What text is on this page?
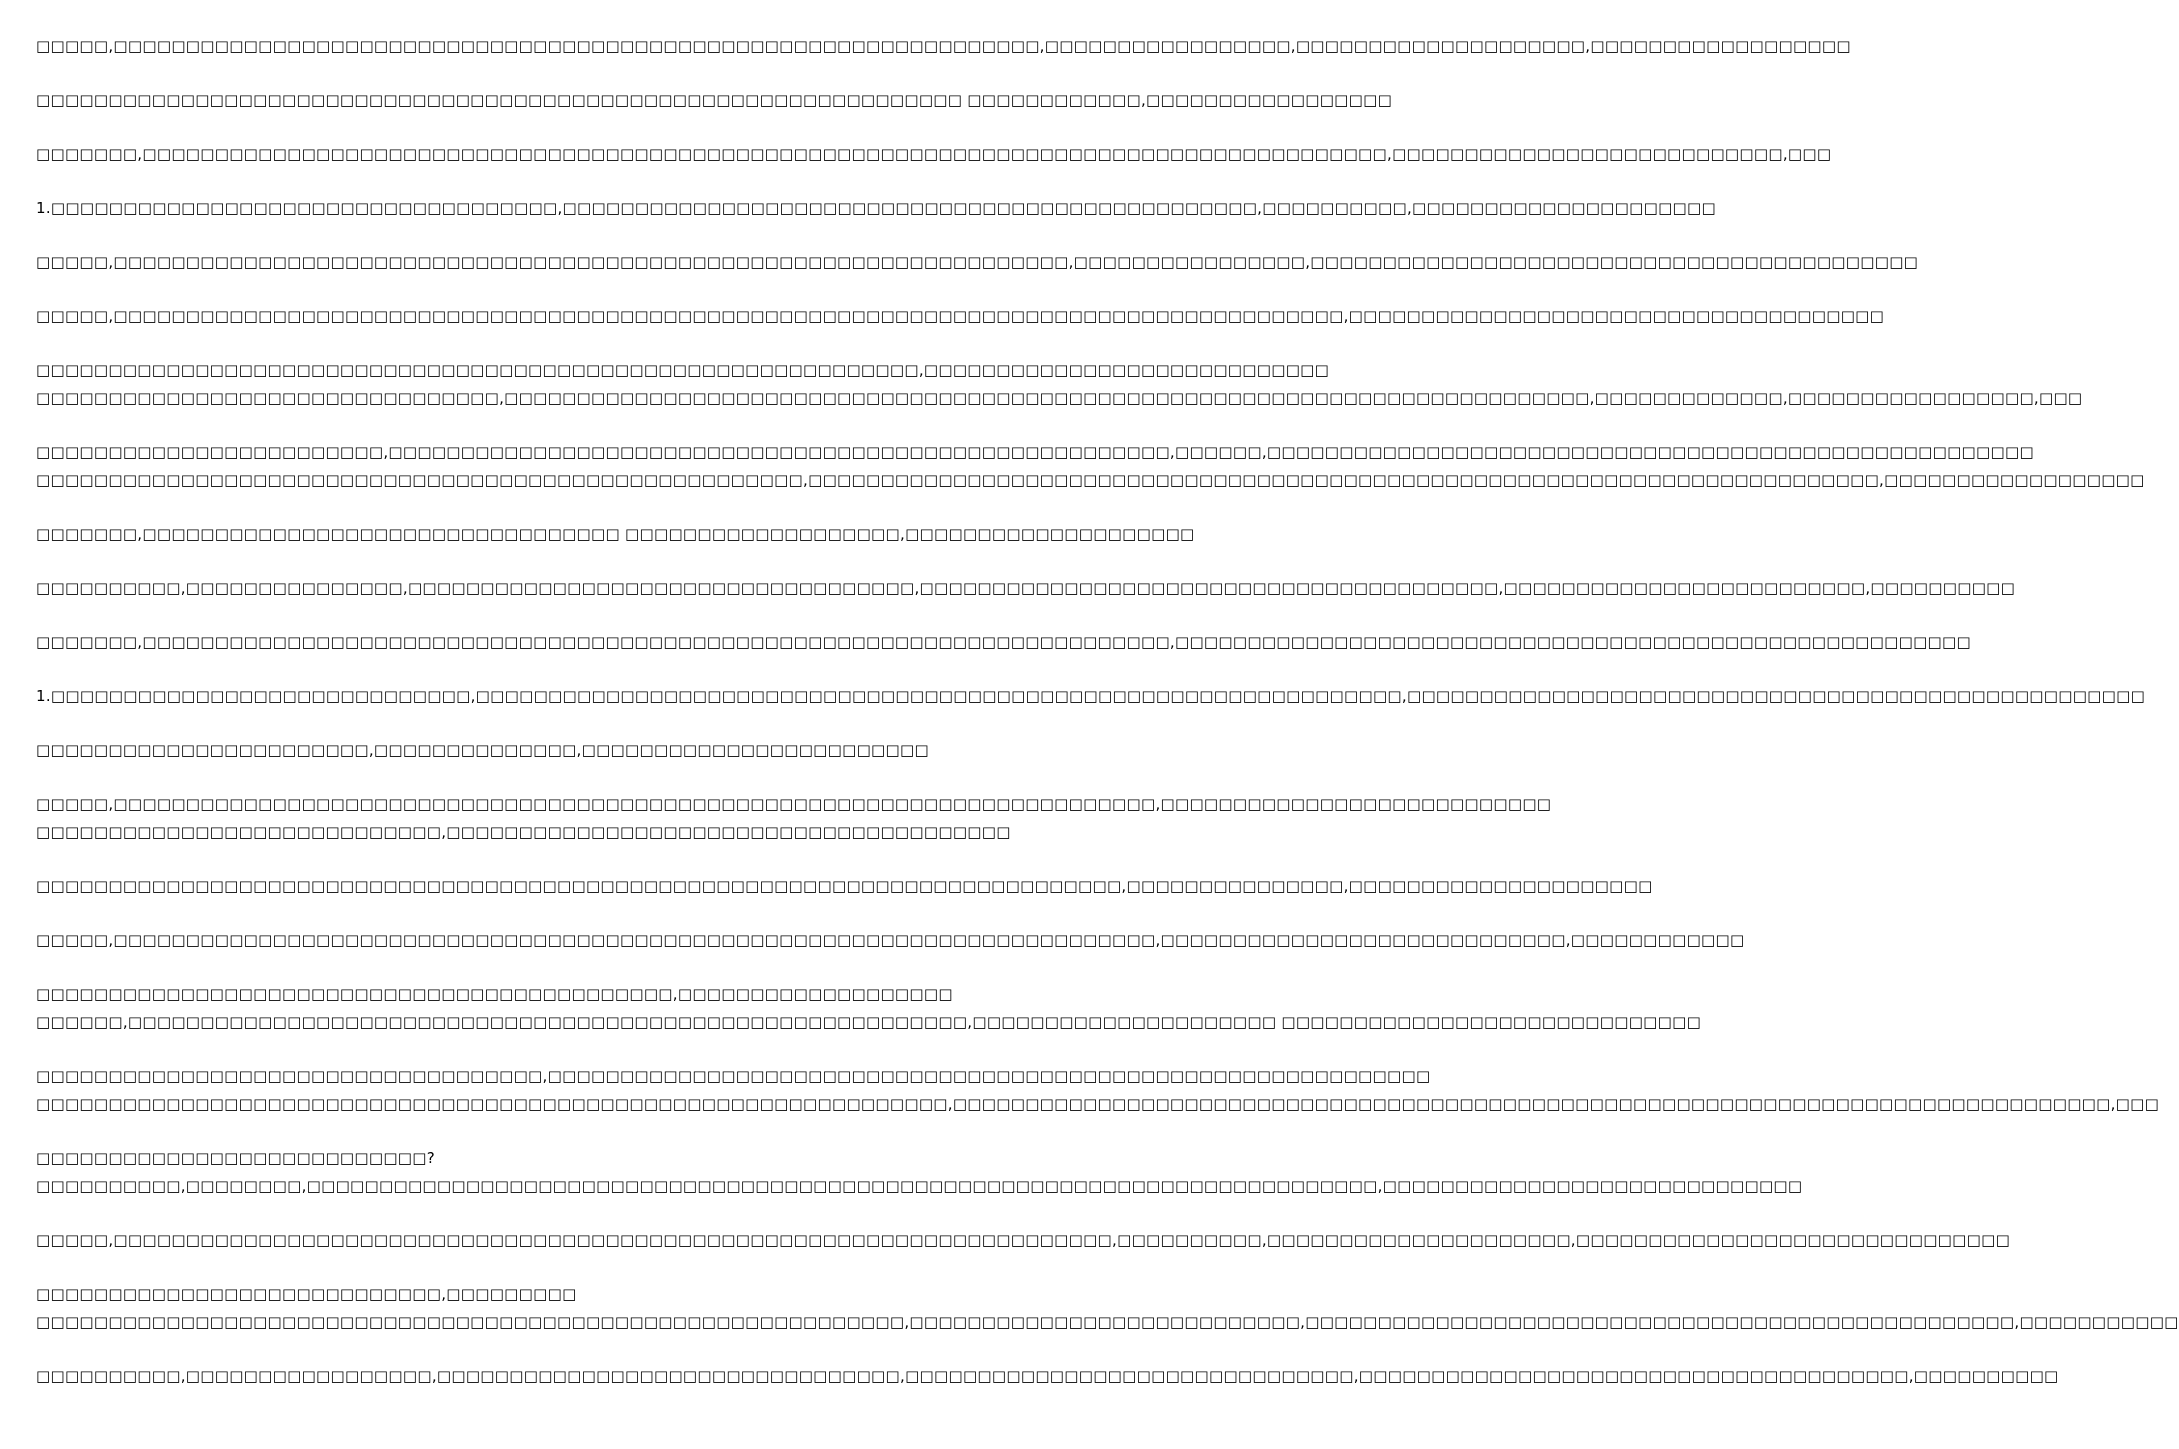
□□□□□,□□□□□□□□□□□□□□□□□□□□□□□□□□□□□□□□□□□□□□□□□□□□□□□□□□□□□□□□□□□□□□□□,□□□□□□□□□□□□□□□□□,□□□□□□□□□□□□□□□□□□□□,□□□□□□□□□□□□□□□□□□
□□□□□□□□□□□□□□□□□□□□□□□□□□□□□□□□□□□□□□□□□□□□□□□□□□□□□□□□□□□□□□□□ □□□□□□□□□□□□,□□□□□□□□□□□□□□□□□
□□□□□□□,□□□□□□□□□□□□□□□□□□□□□□□□□□□□□□□□□□□□□□□□□□□□□□□□□□□□□□□□□□□□□□□□□□□□□□□□□□□□□□□□□□□□□□,□□□□□□□□□□□□□□□□□□□□□□□□□□□,□□□
1.□□□□□□□□□□□□□□□□□□□□□□□□□□□□□□□□□□□,□□□□□□□□□□□□□□□□□□□□□□□□□□□□□□□□□□□□□□□□□□□□□□□□,□□□□□□□□□□,□□□□□□□□□□□□□□□□□□□□□
□□□□□,□□□□□□□□□□□□□□□□□□□□□□□□□□□□□□□□□□□□□□□□□□□□□□□□□□□□□□□□□□□□□□□□□□,□□□□□□□□□□□□□□□□,□□□□□□□□□□□□□□□□□□□□□□□□□□□□□□□□□□□□□□□□□□
□□□□□,□□□□□□□□□□□□□□□□□□□□□□□□□□□□□□□□□□□□□□□□□□□□□□□□□□□□□□□□□□□□□□□□□□□□□□□□□□□□□□□□□□□□□,□□□□□□□□□□□□□□□□□□□□□□□□□□□□□□□□□□□□□
□□□□□□□□□□□□□□□□□□□□□□□□□□□□□□□□□□□□□□□□□□□□□□□□□□□□□□□□□□□□□,□□□□□□□□□□□□□□□□□□□□□□□□□□□□
□□□□□□□□□□□□□□□□□□□□□□□□□□□□□□□□,□□□□□□□□□□□□□□□□□□□□□□□□□□□□□□□□□□□□□□□□□□□□□□□□□□□□□□□□□□□□□□□□□□□□□□□□□□□,□□□□□□□□□□□□□,□□□□□□□□□□□□□□□□□,□□□
□□□□□□□□□□□□□□□□□□□□□□□□,□□□□□□□□□□□□□□□□□□□□□□□□□□□□□□□□□□□□□□□□□□□□□□□□□□□□□□,□□□□□□,□□□□□□□□□□□□□□□□□□□□□□□□□□□□□□□□□□□□□□□□□□□□□□□□□□□□□
□□□□□□□□□□□□□□□□□□□□□□□□□□□□□□□□□□□□□□□□□□□□□□□□□□□□□,□□□□□□□□□□□□□□□□□□□□□□□□□□□□□□□□□□□□□□□□□□□□□□□□□□□□□□□□□□□□□□□□□□□□□□□□□□,□□□□□□□□□□□□□□□□□□
□□□□□□□,□□□□□□□□□□□□□□□□□□□□□□□□□□□□□□□□□ □□□□□□□□□□□□□□□□□□□,□□□□□□□□□□□□□□□□□□□□
□□□□□□□□□□,□□□□□□□□□□□□□□□,□□□□□□□□□□□□□□□□□□□□□□□□□□□□□□□□□□□,□□□□□□□□□□□□□□□□□□□□□□□□□□□□□□□□□□□□□□□□,□□□□□□□□□□□□□□□□□□□□□□□□□,□□□□□□□□□□
□□□□□□□,□□□□□□□□□□□□□□□□□□□□□□□□□□□□□□□□□□□□□□□□□□□□□□□□□□□□□□□□□□□□□□□□□□□□□□□,□□□□□□□□□□□□□□□□□□□□□□□□□□□□□□□□□□□□□□□□□□□□□□□□□□□□□□□
1.□□□□□□□□□□□□□□□□□□□□□□□□□□□□□,□□□□□□□□□□□□□□□□□□□□□□□□□□□□□□□□□□□□□□□□□□□□□□□□□□□□□□□□□□□□□□□□,□□□□□□□□□□□□□□□□□□□□□□□□□□□□□□□□□□□□□□□□□□□□□□□□□□□
□□□□□□□□□□□□□□□□□□□□□□□,□□□□□□□□□□□□□□,□□□□□□□□□□□□□□□□□□□□□□□□
□□□□□,□□□□□□□□□□□□□□□□□□□□□□□□□□□□□□□□□□□□□□□□□□□□□□□□□□□□□□□□□□□□□□□□□□□□□□□□,□□□□□□□□□□□□□□□□□□□□□□□□□□□
□□□□□□□□□□□□□□□□□□□□□□□□□□□□,□□□□□□□□□□□□□□□□□□□□□□□□□□□□□□□□□□□□□□□
□□□□□□□□□□□□□□□□□□□□□□□□□□□□□□□□□□□□□□□□□□□□□□□□□□□□□□□□□□□□□□□□□□□□□□□□□□□,□□□□□□□□□□□□□□□,□□□□□□□□□□□□□□□□□□□□□
□□□□□,□□□□□□□□□□□□□□□□□□□□□□□□□□□□□□□□□□□□□□□□□□□□□□□□□□□□□□□□□□□□□□□□□□□□□□□□,□□□□□□□□□□□□□□□□□□□□□□□□□□□□,□□□□□□□□□□□□
□□□□□□□□□□□□□□□□□□□□□□□□□□□□□□□□□□□□□□□□□□□□,□□□□□□□□□□□□□□□□□□□
□□□□□□,□□□□□□□□□□□□□□□□□□□□□□□□□□□□□□□□□□□□□□□□□□□□□□□□□□□□□□□□□□,□□□□□□□□□□□□□□□□□□□□□ □□□□□□□□□□□□□□□□□□□□□□□□□□□□□
□□□□□□□□□□□□□□□□□□□□□□□□□□□□□□□□□□□,□□□□□□□□□□□□□□□□□□□□□□□□□□□□□□□□□□□□□□□□□□□□□□□□□□□□□□□□□□□□□
□□□□□□□□□□□□□□□□□□□□□□□□□□□□□□□□□□□□□□□□□□□□□□□□□□□□□□□□□□□□□□□,□□□□□□□□□□□□□□□□□□□□□□□□□□□□□□□□□□□□□□□□□□□□□□□□□□□□□□□□□□□□□□□□□□□□□□□□□□□□□□□□,□□□
□□□□□□□□□□□□□□□□□□□□□□□□□□□?
□□□□□□□□□□,□□□□□□□□,□□□□□□□□□□□□□□□□□□□□□□□□□□□□□□□□□□□□□□□□□□□□□□□□□□□□□□□□□□□□□□□□□□□□□□□□□□,□□□□□□□□□□□□□□□□□□□□□□□□□□□□□
□□□□□,□□□□□□□□□□□□□□□□□□□□□□□□□□□□□□□□□□□□□□□□□□□□□□□□□□□□□□□□□□□□□□□□□□□□□,□□□□□□□□□□,□□□□□□□□□□□□□□□□□□□□□,□□□□□□□□□□□□□□□□□□□□□□□□□□□□□□
□□□□□□□□□□□□□□□□□□□□□□□□□□□□,□□□□□□□□□
□□□□□□□□□□□□□□□□□□□□□□□□□□□□□□□□□□□□□□□□□□□□□□□□□□□□□□□□□□□□,□□□□□□□□□□□□□□□□□□□□□□□□□□□,□□□□□□□□□□□□□□□□□□□□□□□□□□□□□□□□□□□□□□□□□□□□□□□□□,□□□□□□□□□□□
□□□□□□□□□□,□□□□□□□□□□□□□□□□□,□□□□□□□□□□□□□□□□□□□□□□□□□□□□□□□□,□□□□□□□□□□□□□□□□□□□□□□□□□□□□□□□,□□□□□□□□□□□□□□□□□□□□□□□□□□□□□□□□□□□□□□,□□□□□□□□□□
